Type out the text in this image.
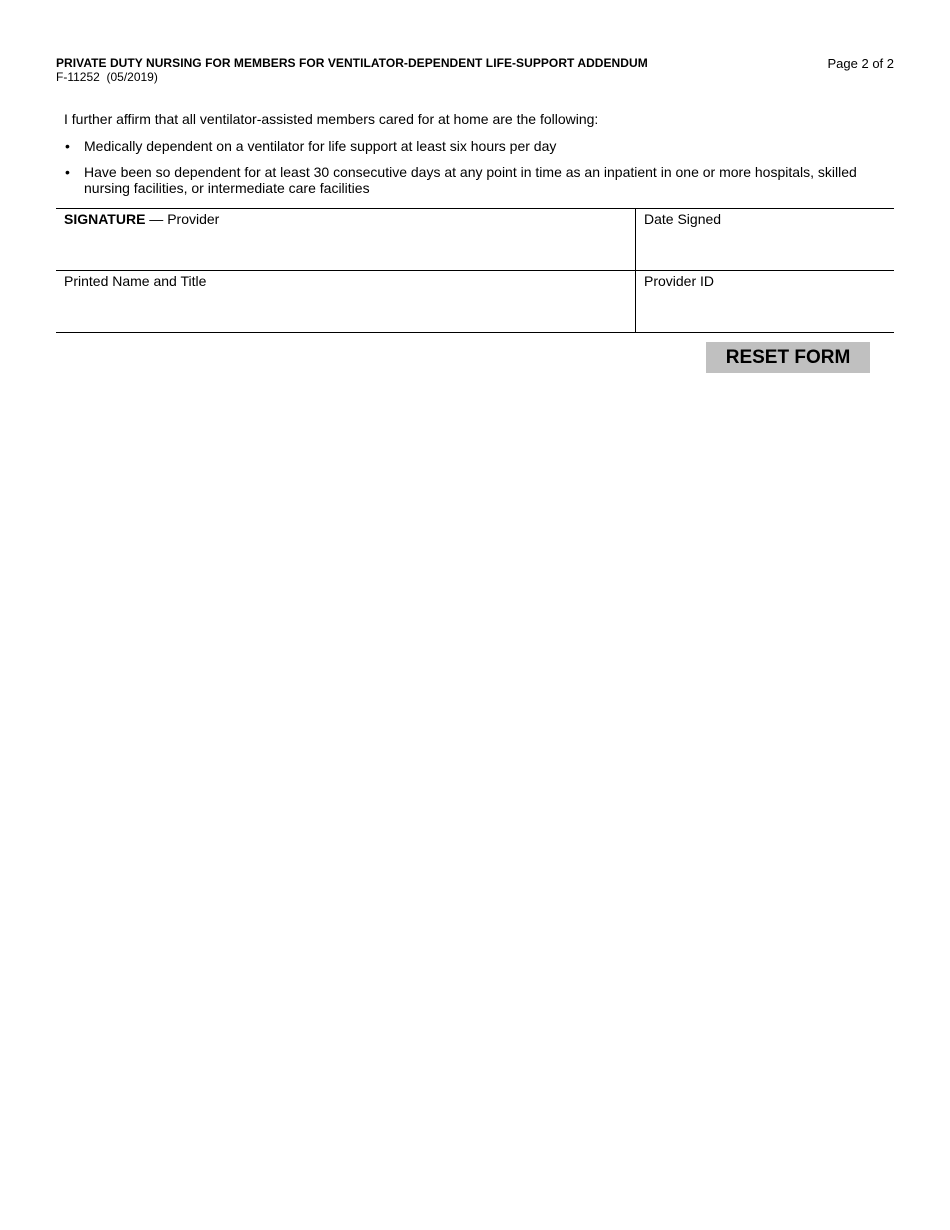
PRIVATE DUTY NURSING FOR MEMBERS FOR VENTILATOR-DEPENDENT LIFE-SUPPORT ADDENDUM
F-11252  (05/2019)
Page 2 of 2
I further affirm that all ventilator-assisted members cared for at home are the following:
• Medically dependent on a ventilator for life support at least six hours per day
• Have been so dependent for at least 30 consecutive days at any point in time as an inpatient in one or more hospitals, skilled nursing facilities, or intermediate care facilities
SIGNATURE — Provider	Date Signed
Printed Name and Title	Provider ID
RESET FORM
